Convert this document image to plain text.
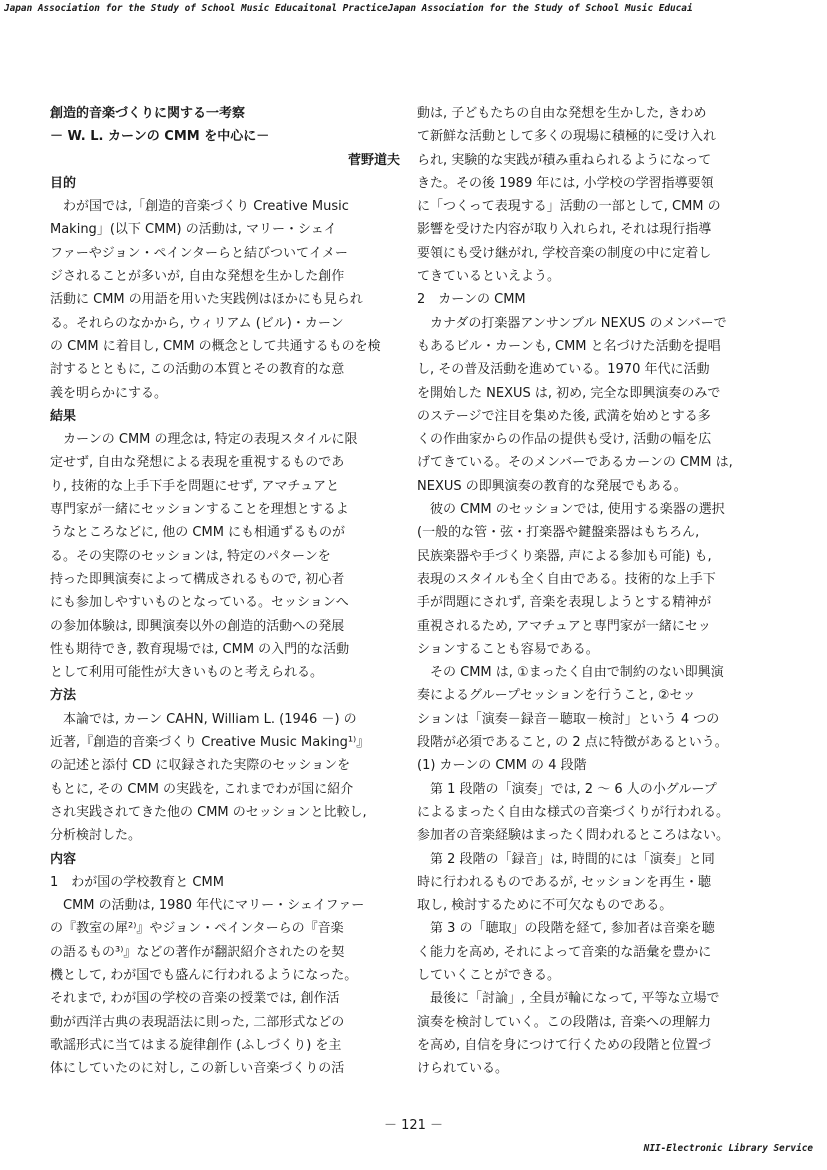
Japan Association for the Study of School Music Educaitonal PracticeJapan Association for the Study of School Music Educai
創造的音楽づくりに関する一考察
－ W. L. カーンの CMM を中心に－
菅野道夫
目的
わが国では,「創造的音楽づくり Creative Music
Making」(以下 CMM) の活動は, マリー・シェイ
ファーやジョン・ペインターらと結びついてイメー
ジされることが多いが, 自由な発想を生かした創作
活動に CMM の用語を用いた実践例はほかにも見られ
る。それらのなかから, ウィリアム (ビル)・カーン
の CMM に着目し, CMM の概念として共通するものを検
討するとともに, この活動の本質とその教育的な意
義を明らかにする。
結果
カーンの CMM の理念は, 特定の表現スタイルに限
定せず, 自由な発想による表現を重視するものであ
り, 技術的な上手下手を問題にせず, アマチュアと
専門家が一緒にセッションすることを理想とするよ
うなところなどに, 他の CMM にも相通ずるものが
る。その実際のセッションは, 特定のパターンを
持った即興演奏によって構成されるもので, 初心者
にも参加しやすいものとなっている。セッションへ
の参加体験は, 即興演奏以外の創造的活動への発展
性も期待でき, 教育現場では, CMM の入門的な活動
として利用可能性が大きいものと考えられる。
方法
本論では, カーン CAHN, William L. (1946 －) の
近著,『創造的音楽づくり Creative Music Making¹⁾』
の記述と添付 CD に収録された実際のセッションを
もとに, その CMM の実践を, これまでわが国に紹介
され実践されてきた他の CMM のセッションと比較し,
分析検討した。
内容
1　わが国の学校教育と CMM
CMM の活動は, 1980 年代にマリー・シェイファー
の『教室の犀²⁾』やジョン・ペインターらの『音楽
の語るもの³⁾』などの著作が翻訳紹介されたのを契
機として, わが国でも盛んに行われるようになった。
それまで, わが国の学校の音楽の授業では, 創作活
動が西洋古典の表現語法に則った, 二部形式などの
歌謡形式に当てはまる旋律創作 (ふしづくり) を主
体にしていたのに対し, この新しい音楽づくりの活
動は, 子どもたちの自由な発想を生かした, きわめ
て新鮮な活動として多くの現場に積極的に受け入れ
られ, 実験的な実践が積み重ねられるようになって
きた。その後 1989 年には, 小学校の学習指導要領
に「つくって表現する」活動の一部として, CMM の
影響を受けた内容が取り入れられ, それは現行指導
要領にも受け継がれ, 学校音楽の制度の中に定着し
てきているといえよう。
2　カーンの CMM
カナダの打楽器アンサンブル NEXUS のメンバーで
もあるビル・カーンも, CMM と名づけた活動を提唱
し, その普及活動を進めている。1970 年代に活動
を開始した NEXUS は, 初め, 完全な即興演奏のみで
のステージで注目を集めた後, 武満を始めとする多
くの作曲家からの作品の提供も受け, 活動の幅を広
げてきている。そのメンバーであるカーンの CMM は,
NEXUS の即興演奏の教育的な発展でもある。
彼の CMM のセッションでは, 使用する楽器の選択
(一般的な管・弦・打楽器や鍵盤楽器はもちろん,
民族楽器や手づくり楽器, 声による参加も可能) も,
表現のスタイルも全く自由である。技術的な上手下
手が問題にされず, 音楽を表現しようとする精神が
重視されるため, アマチュアと専門家が一緒にセッ
ションすることも容易である。
その CMM は, ①まったく自由で制約のない即興演
奏によるグループセッションを行うこと, ②セッ
ションは「演奏－録音－聴取－検討」という 4 つの
段階が必須であること, の 2 点に特徴があるという。
(1) カーンの CMM の 4 段階
第 1 段階の「演奏」では, 2 ～ 6 人の小グループ
によるまったく自由な様式の音楽づくりが行われる。
参加者の音楽経験はまったく問われるところはない。
第 2 段階の「録音」は, 時間的には「演奏」と同
時に行われるものであるが, セッションを再生・聴
取し, 検討するために不可欠なものである。
第 3 の「聴取」の段階を経て, 参加者は音楽を聴
く能力を高め, それによって音楽的な語彙を豊かに
していくことができる。
最後に「討論」, 全員が輪になって, 平等な立場で
演奏を検討していく。この段階は, 音楽への理解力
を高め, 自信を身につけて行くための段階と位置づ
けられている。
－ 121 －
NII-Electronic Library Service
